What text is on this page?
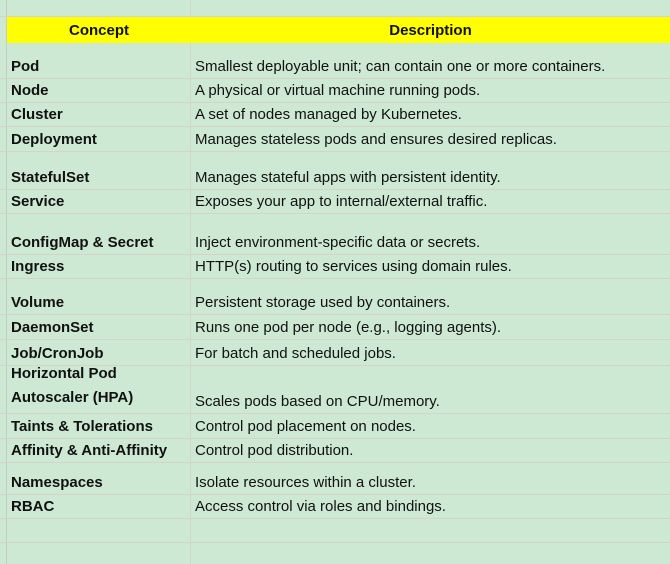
Concept	Description
Pod	Smallest deployable unit; can contain one or more containers.
Node	A physical or virtual machine running pods.
Cluster	A set of nodes managed by Kubernetes.
Deployment	Manages stateless pods and ensures desired replicas.
StatefulSet	Manages stateful apps with persistent identity.
Service	Exposes your app to internal/external traffic.
ConfigMap & Secret	Inject environment-specific data or secrets.
Ingress	HTTP(s) routing to services using domain rules.
Volume	Persistent storage used by containers.
DaemonSet	Runs one pod per node (e.g., logging agents).
Job/CronJob	For batch and scheduled jobs.
Horizontal Pod
Autoscaler (HPA)	Scales pods based on CPU/memory.
Taints & Tolerations	Control pod placement on nodes.
Affinity & Anti-Affinity	Control pod distribution.
Namespaces	Isolate resources within a cluster.
RBAC	Access control via roles and bindings.
